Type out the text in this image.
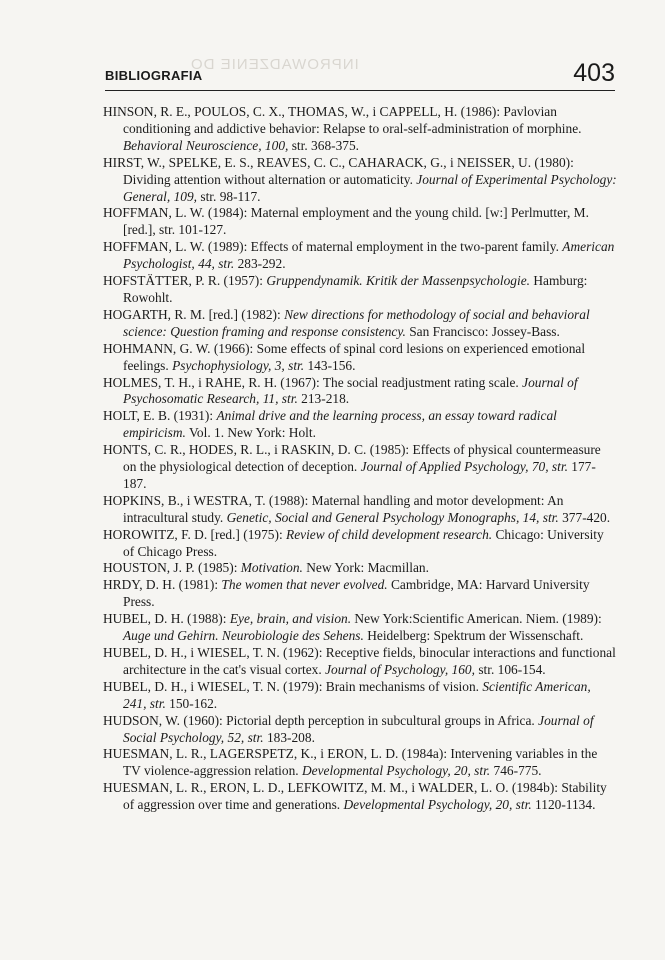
INPROWADZENIE DO
BIBLIOGRAFIA	403
HINSON, R. E., POULOS, C. X., THOMAS, W., i CAPPELL, H. (1986): Pavlovian conditioning and addictive behavior: Relapse to oral-self-administration of morphine. Behavioral Neuroscience, 100, str. 368-375.
HIRST, W., SPELKE, E. S., REAVES, C. C., CAHARACK, G., i NEISSER, U. (1980): Dividing attention without alternation or automaticity. Journal of Experimental Psychology: General, 109, str. 98-117.
HOFFMAN, L. W. (1984): Maternal employment and the young child. [w:] Perlmutter, M. [red.], str. 101-127.
HOFFMAN, L. W. (1989): Effects of maternal employment in the two-parent family. American Psychologist, 44, str. 283-292.
HOFSTÄTTER, P. R. (1957): Gruppendynamik. Kritik der Massenpsychologie. Hamburg: Rowohlt.
HOGARTH, R. M. [red.] (1982): New directions for methodology of social and behavioral science: Question framing and response consistency. San Francisco: Jossey-Bass.
HOHMANN, G. W. (1966): Some effects of spinal cord lesions on experienced emotional feelings. Psychophysiology, 3, str. 143-156.
HOLMES, T. H., i RAHE, R. H. (1967): The social readjustment rating scale. Journal of Psychosomatic Research, 11, str. 213-218.
HOLT, E. B. (1931): Animal drive and the learning process, an essay toward radical empiricism. Vol. 1. New York: Holt.
HONTS, C. R., HODES, R. L., i RASKIN, D. C. (1985): Effects of physical countermeasure on the physiological detection of deception. Journal of Applied Psychology, 70, str. 177-187.
HOPKINS, B., i WESTRA, T. (1988): Maternal handling and motor development: An intracultural study. Genetic, Social and General Psychology Monographs, 14, str. 377-420.
HOROWITZ, F. D. [red.] (1975): Review of child development research. Chicago: University of Chicago Press.
HOUSTON, J. P. (1985): Motivation. New York: Macmillan.
HRDY, D. H. (1981): The women that never evolved. Cambridge, MA: Harvard University Press.
HUBEL, D. H. (1988): Eye, brain, and vision. New York:Scientific American. Niem. (1989): Auge und Gehirn. Neurobiologie des Sehens. Heidelberg: Spektrum der Wissenschaft.
HUBEL, D. H., i WIESEL, T. N. (1962): Receptive fields, binocular interactions and functional architecture in the cat's visual cortex. Journal of Psychology, 160, str. 106-154.
HUBEL, D. H., i WIESEL, T. N. (1979): Brain mechanisms of vision. Scientific American, 241, str. 150-162.
HUDSON, W. (1960): Pictorial depth perception in subcultural groups in Africa. Journal of Social Psychology, 52, str. 183-208.
HUESMAN, L. R., LAGERSPETZ, K., i ERON, L. D. (1984a): Intervening variables in the TV violence-aggression relation. Developmental Psychology, 20, str. 746-775.
HUESMAN, L. R., ERON, L. D., LEFKOWITZ, M. M., i WALDER, L. O. (1984b): Stability of aggression over time and generations. Developmental Psychology, 20, str. 1120-1134.
